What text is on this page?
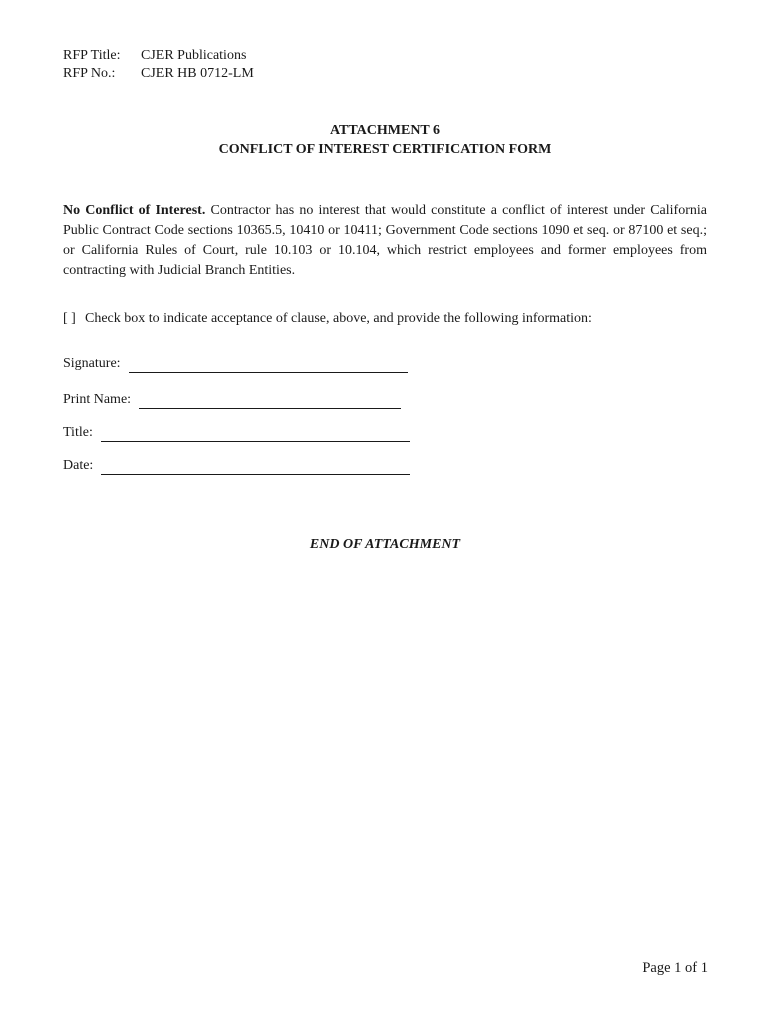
RFP Title:	CJER Publications
RFP No.:	CJER HB 0712-LM
ATTACHMENT 6
CONFLICT OF INTEREST CERTIFICATION FORM
No Conflict of Interest. Contractor has no interest that would constitute a conflict of interest under California Public Contract Code sections 10365.5, 10410 or 10411; Government Code sections 1090 et seq. or 87100 et seq.; or California Rules of Court, rule 10.103 or 10.104, which restrict employees and former employees from contracting with Judicial Branch Entities.
[ ] Check box to indicate acceptance of clause, above, and provide the following information:
Signature:
Print Name:
Title:
Date:
END OF ATTACHMENT
Page 1 of 1
